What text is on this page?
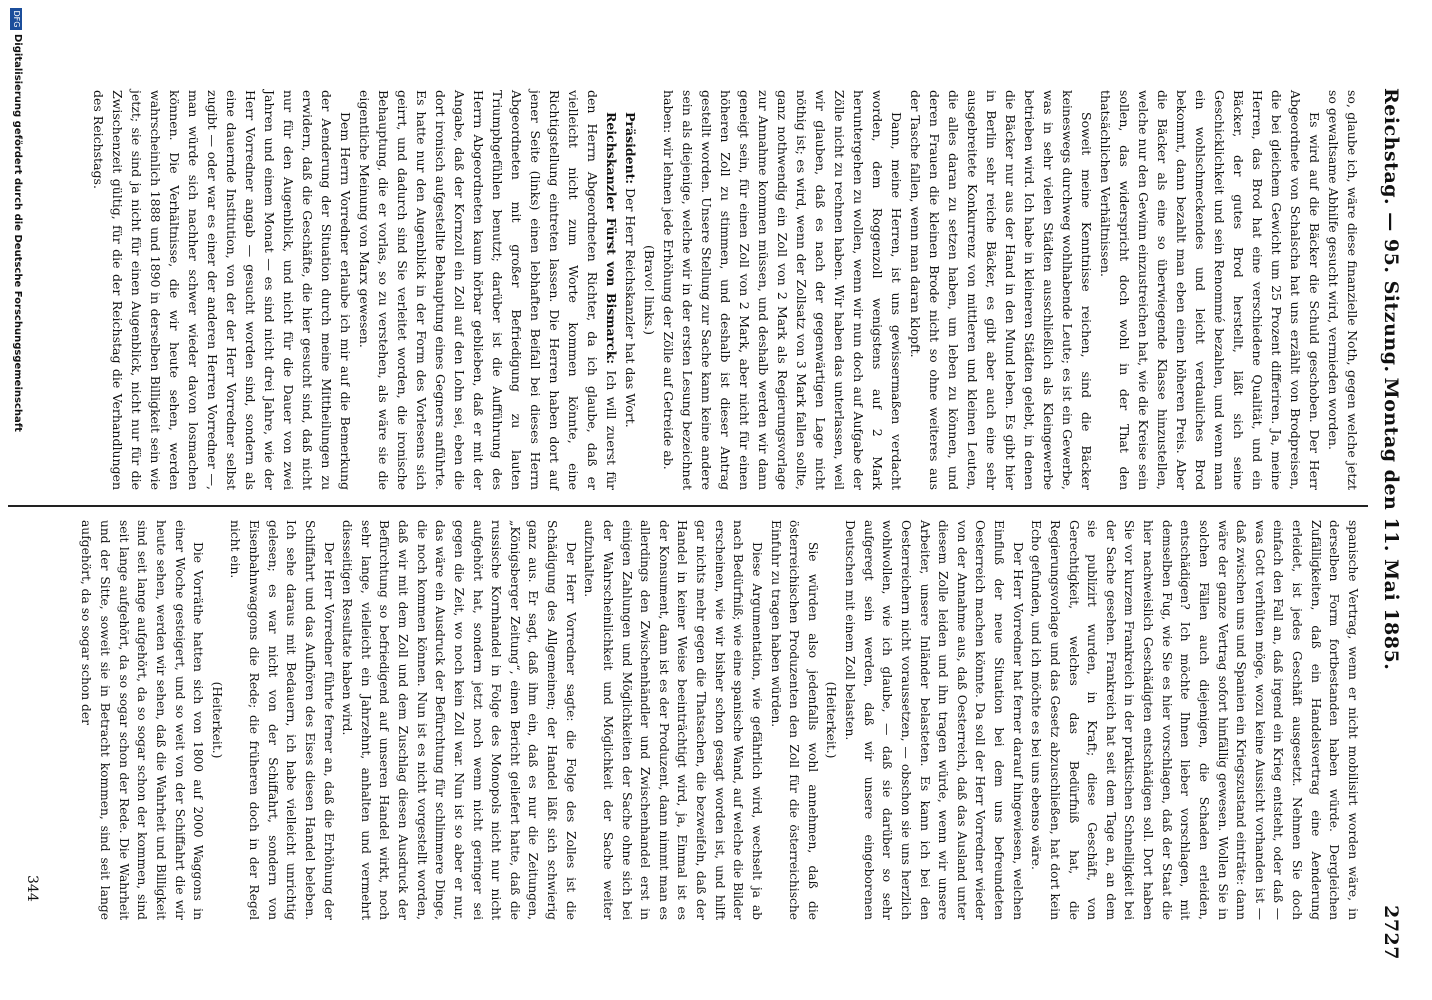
Reichstag. — 95. Sitzung.
Montag den 11. Mai 1885.
2727

so, glaube ich, wäre diese finanzielle Noth, gegen welche jetzt so gewaltsame Abhilfe gesucht wird, vermieden worden.

Es wird auf die Bäcker die Schuld geschoben. Der Herr Abgeordnete von Schalscha hat uns erzählt von Brodpreisen, die bei gleichem Gewicht um 25 Prozent differiren. Ja, meine Herren, das Brod hat eine verschiedene Qualität, und ein Bäcker, der gutes Brod herstellt, läßt sich seine Geschicklichkeit und sein Renommé bezahlen, und wenn man ein wohlschmeckendes und leicht verdauliches Brod bekommt, dann bezahlt man eben einen höheren Preis. Aber die Bäcker als eine so überwiegende Klasse hinzustellen, welche nur den Gewinn einzustreichen hat, wie die Kreise sein sollen, das widerspricht doch wohl in der That den thatsächlichen Verhältnissen.

Soweit meine Kenntnisse reichen, sind die Bäcker keineswegs durchweg wohlhabende Leute; es ist ein Gewerbe, was in sehr vielen Städten ausschließlich als Kleingewerbe betrieben wird. Ich habe in kleineren Städten gelebt, in denen die Bäcker nur aus der Hand in den Mund leben. Es gibt hier in Berlin sehr reiche Bäcker, es gibt aber auch eine sehr ausgebreitete Konkurrenz von mittleren und kleinen Leuten, die alles daran zu setzen haben, um leben zu können, und deren Frauen die kleinen Brode nicht so ohne weiteres aus der Tasche fallen, wenn man daran klopft.

Dann, meine Herren, ist uns gewissermaßen verdacht worden, dem Roggenzoll wenigstens auf 2 Mark heruntergehen zu wollen, wenn wir nun doch auf Aufgabe der Zölle nicht zu rechnen haben. Wir haben das unterlassen, weil wir glauben, daß es nach der gegenwärtigen Lage nicht nöthig ist; es wird, wenn der Zollsatz von 3 Mark fallen sollte, ganz nothwendig ein Zoll von 2 Mark als Regierungsvorlage zur Annahme kommen müssen, und deshalb werden wir dann geneigt sein, für einen Zoll von 2 Mark, aber nicht für einen höheren Zoll zu stimmen, und deshalb ist dieser Antrag gestellt worden. Unsere Stellung zur Sache kann keine andere sein als diejenige, welche wir in der ersten Lesung bezeichnet haben: wir lehnen jede Erhöhung der Zölle auf Getreide ab.

(Bravo! links.)

Präsident: Der Herr Reichskanzler hat das Wort.

Reichskanzler Fürst von Bismarck: Ich will zuerst für den Herrn Abgeordneten Richter, da ich glaube, daß er vielleicht nicht zum Worte kommen könnte, eine Richtigstellung eintreten lassen. Die Herren haben dort auf jener Seite (links) einen lebhaften Beifall bei dieses Herrn Abgeordneten mit großer Befriedigung zu lauten Triumphgefühlen benutzt; darüber ist die Aufführung des Herrn Abgeordneten kaum hörbar geblieben, daß er mit der Angabe, daß der Kornzoll ein Zoll auf den Lohn sei, eben die dort ironisch aufgestellte Behauptung eines Gegners anführte. Es hatte nur den Augenblick in der Form des Vorlesens sich geirrt, und dadurch sind Sie verleitet worden, die ironische Behauptung, die er vorlas, so zu verstehen, als wäre sie die eigentliche Meinung von Marx gewesen.

Dem Herrn Vorredner erlaube ich mir auf die Bemerkung der Aenderung der Situation durch meine Mittheilungen zu erwidern, daß die Geschäfte, die hier gesucht sind, daß nicht nur für den Augenblick, und nicht für die Dauer von zwei Jahren und einem Monat — es sind nicht drei Jahre, wie der Herr Vorredner angab — gesucht worden sind, sondern als eine dauernde Institution, von der der Herr Vorredner selbst zugibt — oder war es einer der anderen Herren Vorredner —, man würde sich nachher schwer wieder davon losmachen können. Die Verhältnisse, die wir heute sehen, werden wahrscheinlich 1888 und 1890 in derselben Billigkeit sein wie jetzt; sie sind ja nicht für einen Augenblick, nicht nur für die Zwischenzeit gültig, für die der Reichstag die Verhandlungen des Reichstags.

spanische Vertrag, wenn er nicht mobilisirt worden wäre, in derselben Form fortbestanden haben würde. Dergleichen Zufälligkeiten, daß ein Handelsvertrag eine Aenderung erleidet, ist jedes Geschäft ausgesetzt. Nehmen Sie doch einfach den Fall an, daß irgend ein Krieg entsteht, oder daß — was Gott verhüten möge, wozu keine Aussicht vorhanden ist — daß zwischen uns und Spanien ein Kriegszustand einträte: dann wäre der ganze Vertrag sofort hinfällig gewesen. Wollen Sie in solchen Fällen auch diejenigen, die Schaden erleiden, entschädigen? Ich möchte Ihnen lieber vorschlagen, mit demselben Fug, wie Sie es hier vorschlagen, daß der Staat die hier nachweislich Geschädigten entschädigen soll. Dort haben Sie vor kurzem Frankreich in der praktischen Schnelligkeit bei der Sache gesehen. Frankreich hat seit dem Tage an, an dem sie publizirt wurden, in Kraft; diese Geschäft, von Gerechtigkeit, welches das Bedürfniß hat, die Regierungsvorlage und das Gesetz abzuschließen, hat dort kein Echo gefunden, und ich möchte es bei uns ebenso wäre.

Der Herr Vorredner hat ferner darauf hingewiesen, welchen Einfluß der neue Situation bei dem uns befreundeten Oesterreich machen könnte. Da soll der Herr Vorredner wieder von der Annahme aus, daß Oesterreich, daß das Ausland unter diesem Zolle leiden und ihn tragen würde, wenn wir unsere Arbeiter, unsere Inländer belasteten. Es kann ich bei den Oesterreichern nicht voraussetzen, — obschon sie uns herzlich wohlwollen, wie ich glaube, — daß sie darüber so sehr aufgeregt sein werden, daß wir unsere eingeborenen Deutschen mit einem Zoll belasten.

(Heiterkeit.)

Sie würden also jedenfalls wohl annehmen, daß die österreichischen Produzenten den Zoll für die österreichische Einfuhr zu tragen haben würden.

Diese Argumentation, wie gefährlich wird, wechselt ja ab nach Bedürfniß; wie eine spanische Wand, auf welche die Bilder erscheinen, wie wir bisher schon gesagt worden ist, und hilft gar nichts mehr gegen die Thatsachen, die bezweifeln, daß der Handel in keiner Weise beeinträchtigt wird, ja, Einmal ist es der Konsument, dann ist es der Produzent, dann nimmt man es allerdings den Zwischenhändler und Zwischenhandel erst in einigen Zahlungen und Möglichkeiten der Sache ohne sich bei der Wahrscheinlichkeit und Möglichkeit der Sache weiter aufzuhalten.

Der Herr Vorredner sagte: die Folge des Zolles ist die Schädigung des Allgemeinen; der Handel läßt sich schwierig ganz aus. Er sagt, daß ihm ein, daß es nur die Zeitungen, „Königsberger Zeitung“, einen Bericht geliefert hatte, daß die russische Kornhandel in Folge des Monopols nicht nur nicht aufgehört hat, sondern jetzt noch wenn nicht geringer sei gegen die Zeit, wo noch kein Zoll war. Nun ist so aber er nur, das wäre ein Ausdruck der Befürchtung für schlimmere Dinge, die noch kommen können. Nun ist es nicht vorgestellt worden, daß wir mit dem Zoll und dem Zuschlag diesen Ausdruck der Befürchtung so befriedigend auf unseren Handel wirkt, noch sehr lange, vielleicht ein Jahrzehnt, anhalten und vermehrt diesseitigen Resultate haben wird.

Der Herr Vorredner führte ferner an, daß die Erhöhung der Schiffahrt und das Aufhören des Eises diesen Handel beleben. Ich sehe daraus mit Bedauern, ich habe vielleicht unrichtig gelesen; es war nicht von der Schiffahrt, sondern von Eisenbahnwaggons die Rede; die früheren doch in der Regel nicht ein.

(Heiterkeit.)

Die Vorräthe hatten sich von 1800 auf 2000 Waggons in einer Woche gesteigert, und so weit von der Schiffahrt die wir heute sehen, werden wir sehen, daß die Wahrheit und Billigkeit sind seit lange aufgehört, da so sogar schon der kommen, sind seit lange aufgehört, da so sogar schon der Rede. Die Wahrheit und der Sitte, soweit sie in Betracht kommen, sind seit lange aufgehört, da so sogar schon der

344
DFG
Digitalisierung gefördert durch die Deutsche Forschungsgemeinschaft
